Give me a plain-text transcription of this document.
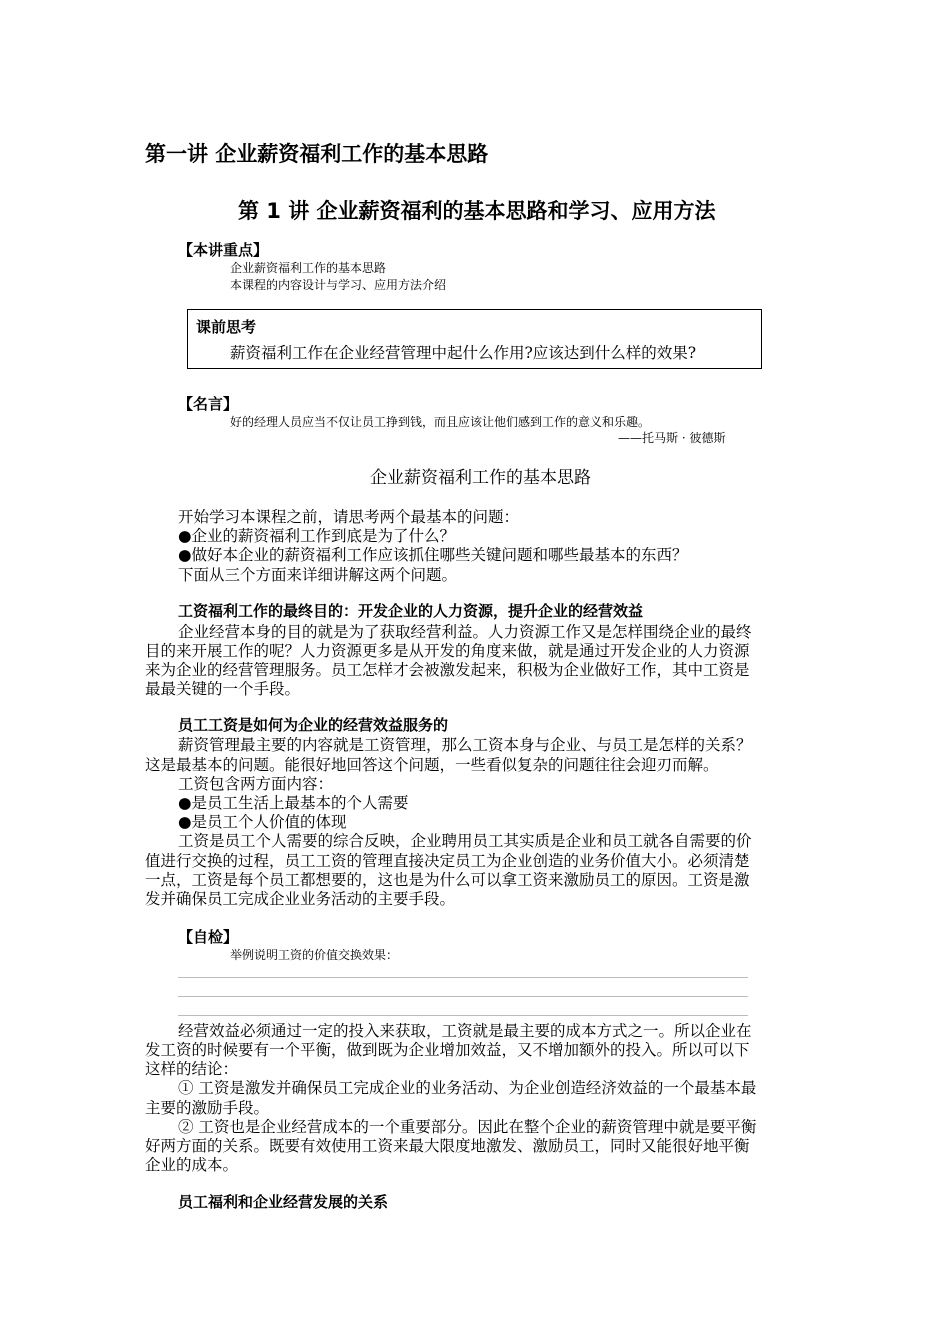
第一讲 企业薪资福利工作的基本思路
第 1 讲 企业薪资福利的基本思路和学习、应用方法
【本讲重点】
企业薪资福利工作的基本思路
本课程的内容设计与学习、应用方法介绍
课前思考
薪资福利工作在企业经营管理中起什么作用?应该达到什么样的效果?
【名言】
好的经理人员应当不仅让员工挣到钱，而且应该让他们感到工作的意义和乐趣。
——托马斯 · 彼德斯
企业薪资福利工作的基本思路
开始学习本课程之前，请思考两个最基本的问题：
●企业的薪资福利工作到底是为了什么？
●做好本企业的薪资福利工作应该抓住哪些关键问题和哪些最基本的东西？
下面从三个方面来详细讲解这两个问题。
工资福利工作的最终目的：开发企业的人力资源，提升企业的经营效益
企业经营本身的目的就是为了获取经营利益。人力资源工作又是怎样围绕企业的最终
目的来开展工作的呢？人力资源更多是从开发的角度来做，就是通过开发企业的人力资源
来为企业的经营管理服务。员工怎样才会被激发起来，积极为企业做好工作，其中工资是
最最关键的一个手段。
员工工资是如何为企业的经营效益服务的
薪资管理最主要的内容就是工资管理，那么工资本身与企业、与员工是怎样的关系？
这是最基本的问题。能很好地回答这个问题，一些看似复杂的问题往往会迎刃而解。
工资包含两方面内容：
●是员工生活上最基本的个人需要
●是员工个人价值的体现
工资是员工个人需要的综合反映，企业聘用员工其实质是企业和员工就各自需要的价
值进行交换的过程，员工工资的管理直接决定员工为企业创造的业务价值大小。必须清楚
一点，工资是每个员工都想要的，这也是为什么可以拿工资来激励员工的原因。工资是激
发并确保员工完成企业业务活动的主要手段。
【自检】
举例说明工资的价值交换效果：
经营效益必须通过一定的投入来获取，工资就是最主要的成本方式之一。所以企业在
发工资的时候要有一个平衡，做到既为企业增加效益，又不增加额外的投入。所以可以下
这样的结论：
① 工资是激发并确保员工完成企业的业务活动、为企业创造经济效益的一个最基本最
主要的激励手段。
② 工资也是企业经营成本的一个重要部分。因此在整个企业的薪资管理中就是要平衡
好两方面的关系。既要有效使用工资来最大限度地激发、激励员工，同时又能很好地平衡
企业的成本。
员工福利和企业经营发展的关系
